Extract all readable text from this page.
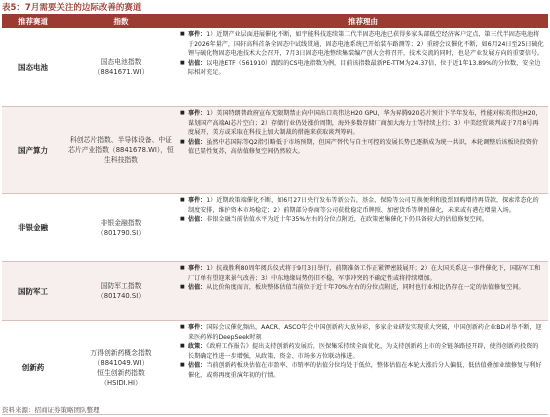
表5：7月需要关注的边际改善的赛道
推荐赛道	指数	推荐理由
国态电池
国态电池指数
（8841671.WI）
■ 事件：1）近期产业层面进展催化不断，如宇能科技连续第二代半固态电池已获得多家头部低空经济客户定点，第三代半固态电池将于2026年量产，国轩高科首条全固态中试线贯通，固态电池系统已开始装车路测等；2）重磅会议催化不断，如6月24日至25日硫化锂与硫化物固态电池技术大会召开，7月3日固态电池整续集装编产创大会将召开，技术交流的同时，也是产业发展方向的重要信号。
■ 估值：以电池ETF（561910）跟踪的CS电池指数为例，目前该指数最新PE-TTM为24.37倍，位于近1年13.89%的分位数，安全边际相对充足。
国产算力
科创芯片指数、半导体设备、中证芯片产业指数（8841678.WI），恒生科技指数
■ 事件：1）美国特朗普政府宣布无限期禁止向中国出口英伟达H20 GPU，华为昇腾920芯片预计下半年发布，性能对标英伟达H20，谋划国产高端AI芯片空白；2）存储行业仍处涨价周期，海外多数存储厂商加大海力士等持续上行；3）中美经贸谈判或于7月8号再度展开，美方或采取在科技上加大制裁的措施来获取谈判筹码。
■ 估值：虽然中芯国际等Q2指引略低于市场预期，但国产替代与自主可控的发展长势已逐渐成为统一共识，本轮调整后该板块投资价值已显性复苏，高估值修复空间仍然较大。
非银金融
非银金融指数
（801790.SI）
■ 事件：1）近期政策端催化不断，如6月27日央行发布等新公告，基金、保险等公司互换便利和股票回购增持再贷款，探索常态化的制度安排，维护资本市场稳定；2）前期部分券商等公司获批稳定币牌照、加密货币等牌照催化，未来或有港在增量入场。
■ 估值：非银金融当前估值水平为近十年35%左右的分位点附近，在政策密集催化下仍具备较大的估值修复空间。
国防军工
国防军工指数
（801740.SI）
■ 事件：1）抗战胜利80周年阅兵仪式将于9月3日举行，前期准备工作正紧锣密鼓展开；2）在大国关系这一事件催化下，国防军工和厂订单有望迎来景气改善；3）中东地缘局势仍旧不稳，军事冲突的不确定性或将持续增加。
■ 估值：从比价角度而言，板块整体估值当前位于近十年70%左右的分位点附近，同时也行业相比仍存在一定的估值修复空间。
创新药
万得创新药概念指数
（8841049.WI）
恒生创新药指数
（HSIDI.HI）
■ 事件：国际会议催化频出，AACR、ASCO年会中国创新药大放异彩，多家企业研发实现重大突破，中国创新药企业BD对举不断，迎来医药界的DeepSeek时刻
■ 政策：《政府工作报告》提出支持创新药发展后，医保集采持续全面优化，为支持创新药上市的全链条路径开辟，使得创新药投资的长期确定性进一步增强，从政策、资金、市场多方位联动推进。
■ 估值：当前创新药板块估值在市盈率、市销率的估值分位均处于低位，整体估值在本轮大涨后分人偏低，低估值叠加业绩修复与利好催化，或将再度重演年初的行情。
资料来源：招商证券策略团队整理
